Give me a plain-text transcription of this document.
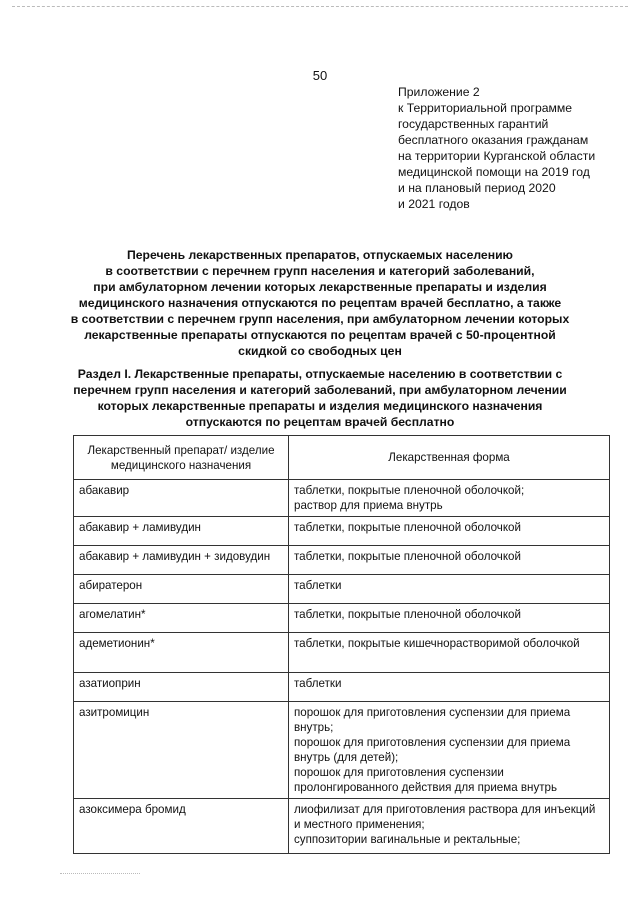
50
Приложение 2
к Территориальной программе
государственных гарантий
бесплатного оказания гражданам
на территории Курганской области
медицинской помощи на 2019 год
и на плановый период 2020
и 2021 годов
Перечень лекарственных препаратов, отпускаемых населению
в соответствии с перечнем групп населения и категорий заболеваний,
при амбулаторном лечении которых лекарственные препараты и изделия
медицинского назначения отпускаются по рецептам врачей бесплатно, а также
в соответствии с перечнем групп населения, при амбулаторном лечении которых
лекарственные препараты отпускаются по рецептам врачей с 50-процентной
скидкой со свободных цен
Раздел I. Лекарственные препараты, отпускаемые населению в соответствии с
перечнем групп населения и категорий заболеваний, при амбулаторном лечении
которых лекарственные препараты и изделия медицинского назначения
отпускаются по рецептам врачей бесплатно
Лекарственный препарат/ изделие медицинского назначения	Лекарственная форма
абакавир	таблетки, покрытые пленочной оболочкой;
раствор для приема внутрь

абакавир + ламивудин	таблетки, покрытые пленочной оболочкой

абакавир + ламивудин + зидовудин	таблетки, покрытые пленочной оболочкой

абиратерон	таблетки

агомелатин*	таблетки, покрытые пленочной оболочкой

адеметионин*	таблетки, покрытые кишечнорастворимой оболочкой

азатиоприн	таблетки

азитромицин	порошок для приготовления суспензии для приема внутрь;
порошок для приготовления суспензии для приема внутрь (для детей);
порошок для приготовления суспензии пролонгированного действия для приема внутрь

азоксимера бромид	лиофилизат для приготовления раствора для инъекций и местного применения;
суппозитории вагинальные и ректальные;
